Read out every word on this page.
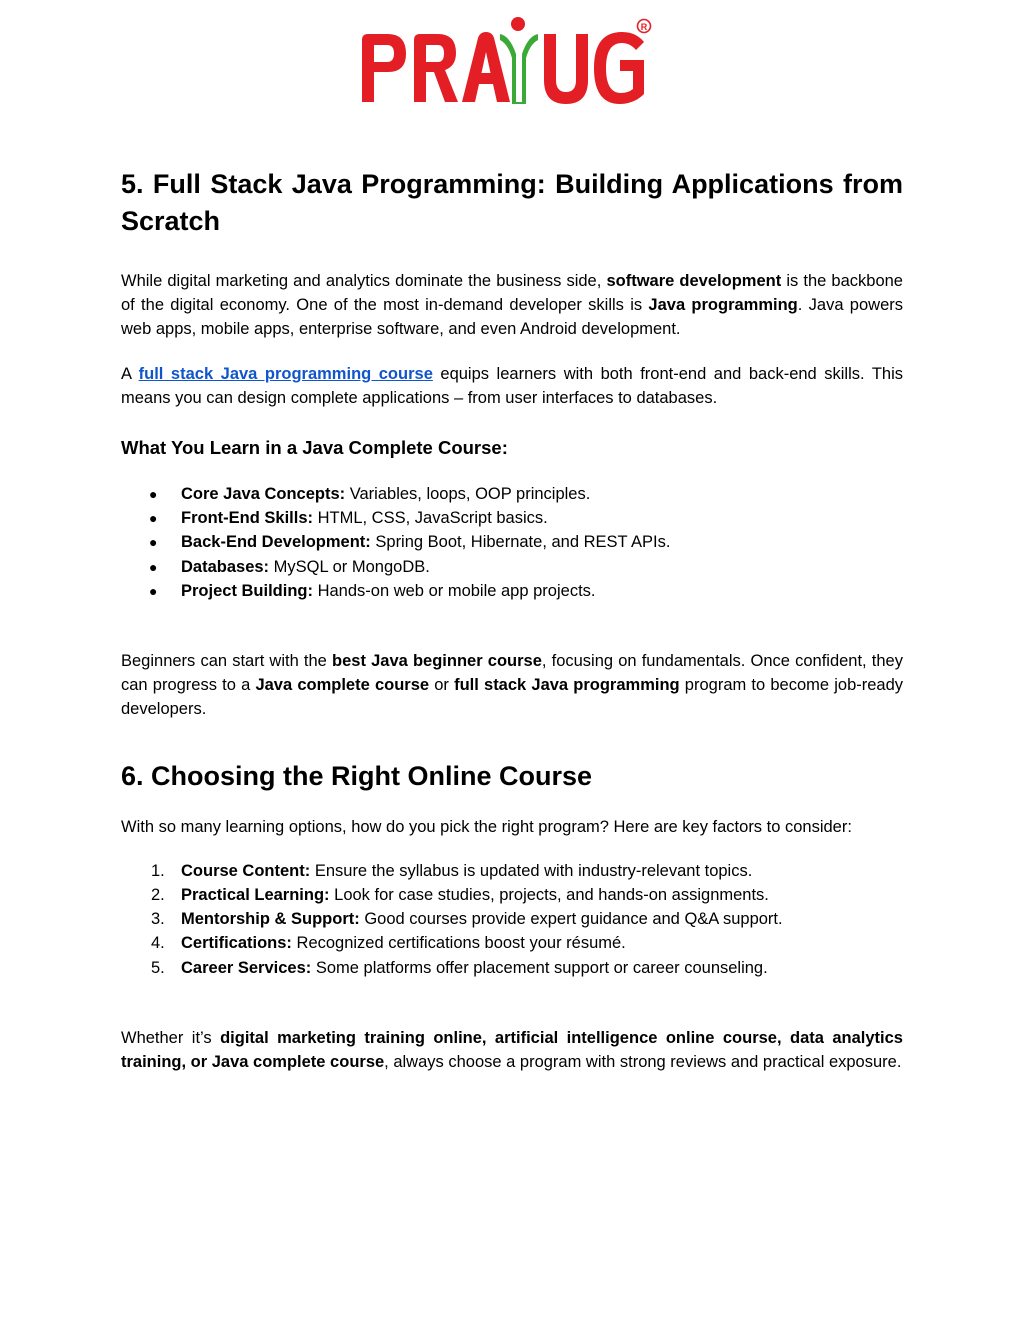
R
5. Full Stack Java Programming: Building Applications from Scratch

While digital marketing and analytics dominate the business side, software development is the backbone of the digital economy. One of the most in-demand developer skills is Java programming. Java powers web apps, mobile apps, enterprise software, and even Android development.

A full stack Java programming course equips learners with both front-end and back-end skills. This means you can design complete applications – from user interfaces to databases.

What You Learn in a Java Complete Course:
● Core Java Concepts: Variables, loops, OOP principles.
● Front-End Skills: HTML, CSS, JavaScript basics.
● Back-End Development: Spring Boot, Hibernate, and REST APIs.
● Databases: MySQL or MongoDB.
● Project Building: Hands-on web or mobile app projects.

Beginners can start with the best Java beginner course, focusing on fundamentals. Once confident, they can progress to a Java complete course or full stack Java programming program to become job-ready developers.

6. Choosing the Right Online Course

With so many learning options, how do you pick the right program? Here are key factors to consider:

1. Course Content: Ensure the syllabus is updated with industry-relevant topics.
2. Practical Learning: Look for case studies, projects, and hands-on assignments.
3. Mentorship & Support: Good courses provide expert guidance and Q&A support.
4. Certifications: Recognized certifications boost your résumé.
5. Career Services: Some platforms offer placement support or career counseling.

Whether it’s digital marketing training online, artificial intelligence online course, data analytics training, or Java complete course, always choose a program with strong reviews and practical exposure.
